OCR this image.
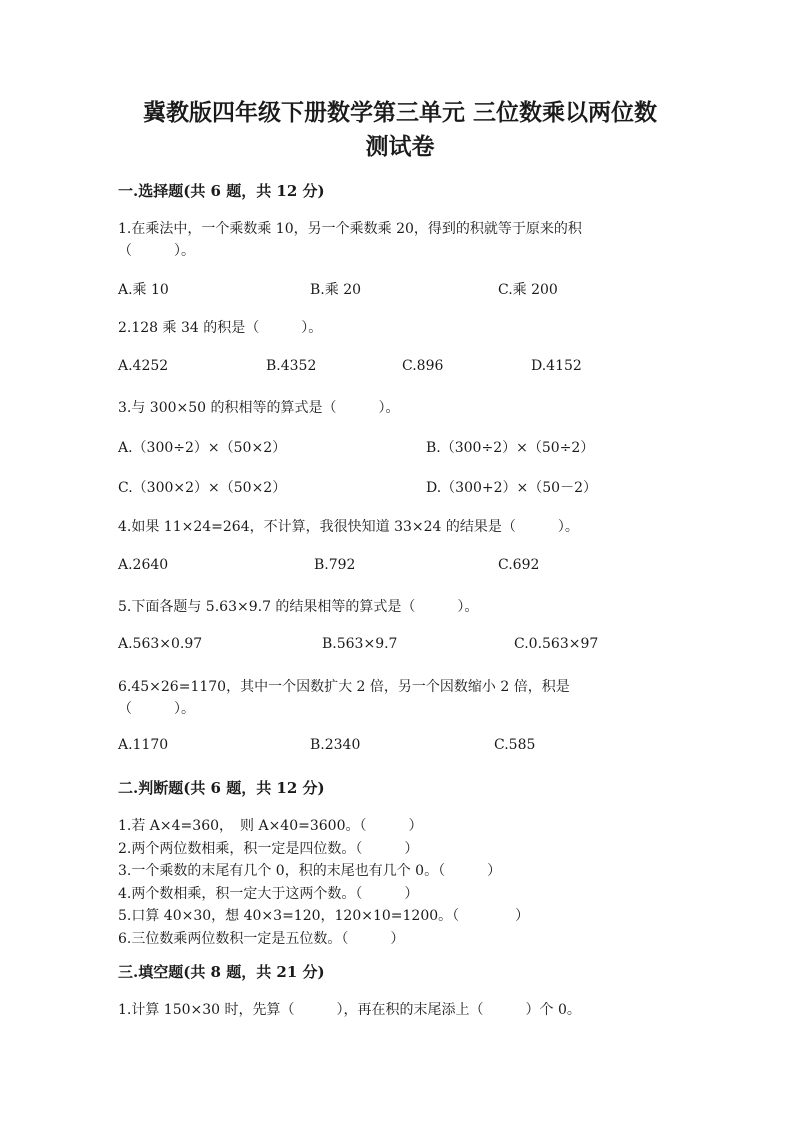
冀教版四年级下册数学第三单元 三位数乘以两位数
测试卷
一.选择题(共 6 题，共 12 分)
1.在乘法中，一个乘数乘 10，另一个乘数乘 20，得到的积就等于原来的积
（　　　）。
A.乘 10	B.乘 20	C.乘 200
2.128 乘 34 的积是（　　　）。
A.4252	B.4352	C.896	D.4152
3.与 300×50 的积相等的算式是（　　　）。
A.（300÷2）×（50×2）	B.（300÷2）×（50÷2）
C.（300×2）×（50×2）	D.（300+2）×（50－2）
4.如果 11×24=264，不计算，我很快知道 33×24 的结果是（　　　）。
A.2640	B.792	C.692
5.下面各题与 5.63×9.7 的结果相等的算式是（　　　）。
A.563×0.97	B.563×9.7	C.0.563×97
6.45×26=1170，其中一个因数扩大 2 倍，另一个因数缩小 2 倍，积是
（　　　）。
A.1170	B.2340	C.585
二.判断题(共 6 题，共 12 分)
1.若 A×4=360，　则 A×40=3600。（　　　）
2.两个两位数相乘，积一定是四位数。（　　　）
3.一个乘数的末尾有几个 0，积的末尾也有几个 0。（　　　）
4.两个数相乘，积一定大于这两个数。（　　　）
5.口算 40×30，想 40×3=120，120×10=1200。（　　　　）
6.三位数乘两位数积一定是五位数。（　　　）
三.填空题(共 8 题，共 21 分)
1.计算 150×30 时，先算（　　　），再在积的末尾添上（　　　）个 0。
